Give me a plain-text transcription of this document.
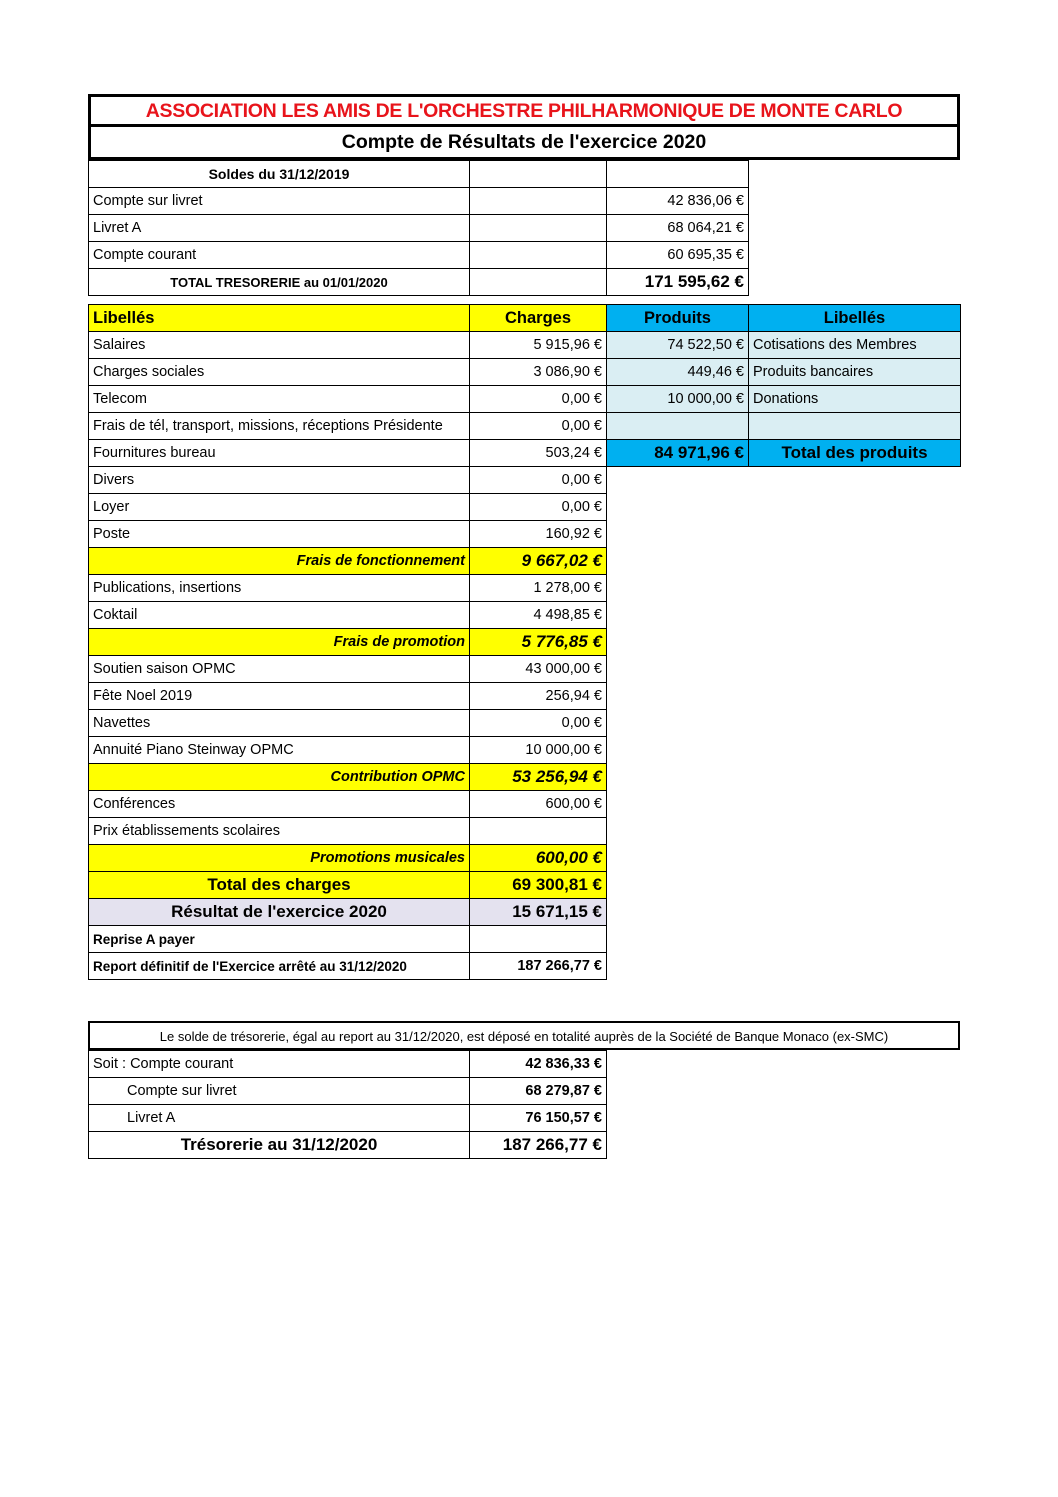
ASSOCIATION LES AMIS DE L'ORCHESTRE PHILHARMONIQUE DE MONTE CARLO
Compte de Résultats de l'exercice 2020
Soldes du 31/12/2019		
Compte sur livret		42 836,06 €
Livret A		68 064,21 €
Compte courant		60 695,35 €
TOTAL TRESORERIE au 01/01/2020		171 595,62 €
Libellés	Charges	Produits	Libellés
Salaires	5 915,96 €	74 522,50 €	Cotisations des Membres
Charges sociales	3 086,90 €	449,46 €	Produits bancaires
Telecom	0,00 €	10 000,00 €	Donations
Frais de tél, transport, missions, réceptions Présidente	0,00 €		
Fournitures bureau	503,24 €	84 971,96 €	Total des produits
Divers	0,00 €		
Loyer	0,00 €		
Poste	160,92 €		
Frais de fonctionnement	9 667,02 €		
Publications, insertions	1 278,00 €		
Coktail	4 498,85 €		
Frais de promotion	5 776,85 €		
Soutien saison OPMC	43 000,00 €		
Fête Noel 2019	256,94 €		
Navettes	0,00 €		
Annuité Piano Steinway OPMC	10 000,00 €		
Contribution OPMC	53 256,94 €		
Conférences	600,00 €		
Prix établissements scolaires			
Promotions musicales	600,00 €		
Total des charges	69 300,81 €		
Résultat de l'exercice 2020	15 671,15 €		
Reprise A payer			
Report définitif de l'Exercice arrêté au 31/12/2020	187 266,77 €		
Le solde de trésorerie, égal au report au 31/12/2020, est déposé en totalité auprès de la Société de Banque Monaco (ex-SMC)
Soit : Compte courant	42 836,33 €
Compte sur livret	68 279,87 €
Livret A	76 150,57 €
Trésorerie au 31/12/2020	187 266,77 €
